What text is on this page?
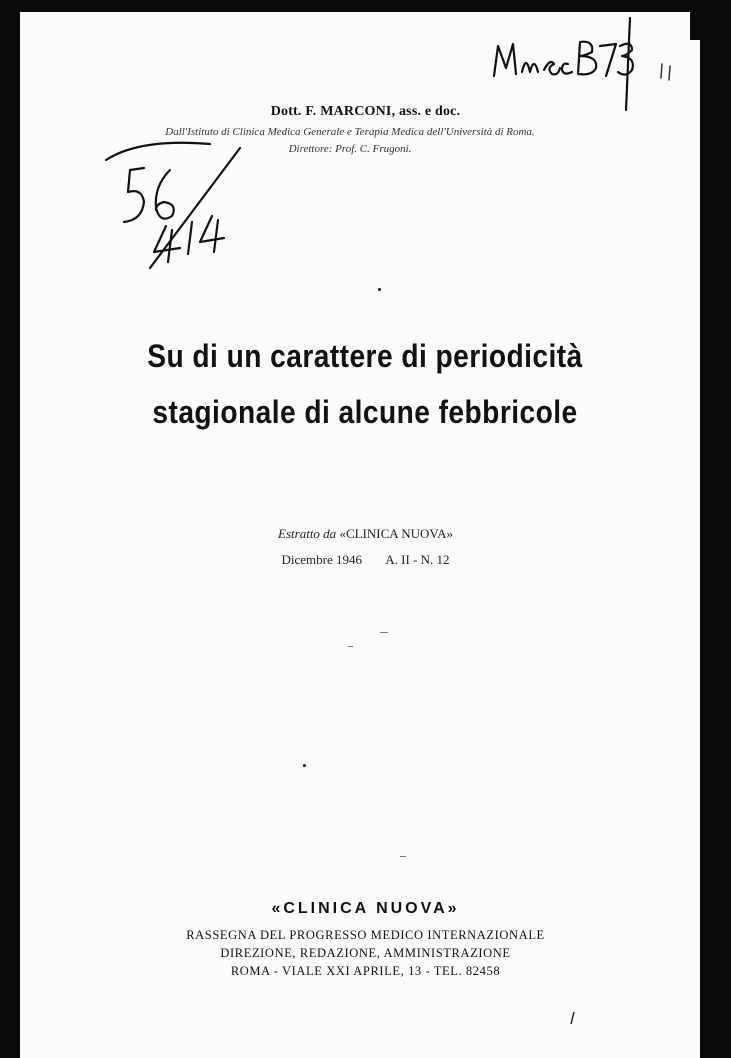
Dott. F. MARCONI, ass. e doc.
Dall'Istituto di Clinica Medica Generale e Terapia Medica dell'Università di Roma.
Direttore: Prof. C. Frugoni.
Su di un carattere di periodicità
stagionale di alcune febbricole
Estratto da «CLINICA NUOVA»
Dicembre 1946 A. II - N. 12
«CLINICA NUOVA»
RASSEGNA DEL PROGRESSO MEDICO INTERNAZIONALE
DIREZIONE, REDAZIONE, AMMINISTRAZIONE
ROMA - VIALE XXI APRILE, 13 - TEL. 82458
